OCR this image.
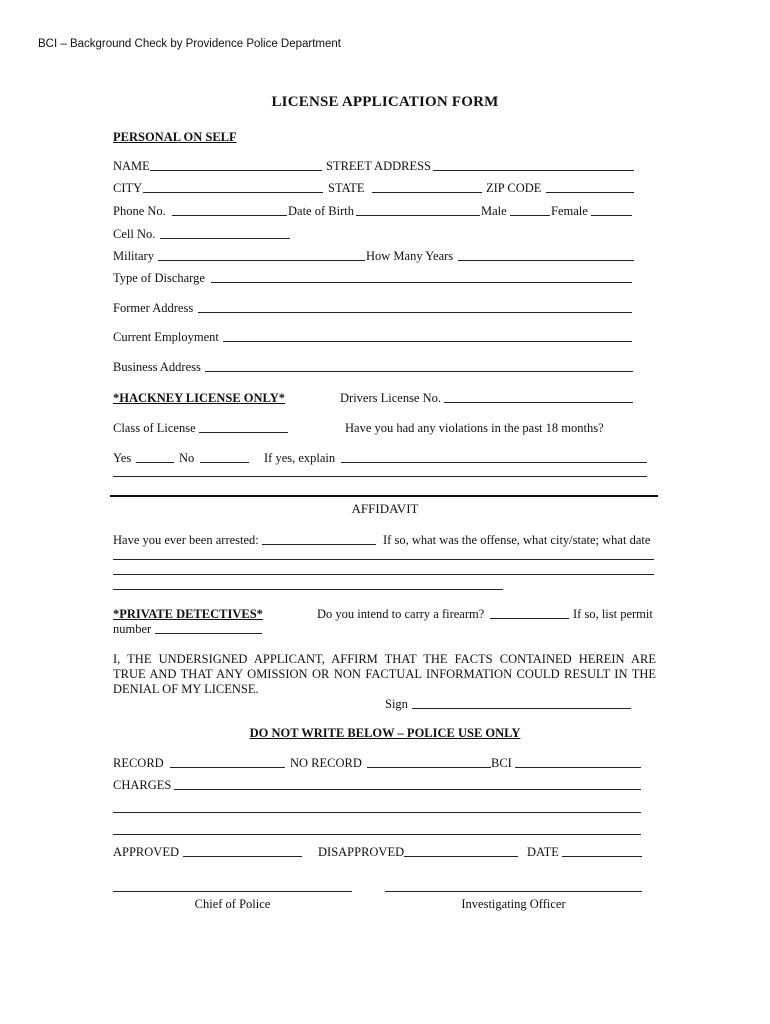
BCI – Background Check by Providence Police Department
LICENSE APPLICATION FORM
PERSONAL ON SELF
NAME	STREET ADDRESS
CITY	STATE	ZIP CODE
Phone No.	Date of Birth	Male	Female
Cell No.
Military	How Many Years
Type of Discharge
Former Address
Current Employment
Business Address
*HACKNEY LICENSE ONLY*	Drivers License No.
Class of License	Have you had any violations in the past 18 months?
Yes	No	If yes, explain
AFFIDAVIT
Have you ever been arrested:	If so, what was the offense, what city/state; what date
*PRIVATE DETECTIVES*	Do you intend to carry a firearm?	If so, list permit
number
I, THE UNDERSIGNED APPLICANT, AFFIRM THAT THE FACTS CONTAINED HEREIN ARE
TRUE AND THAT ANY OMISSION OR NON FACTUAL INFORMATION COULD RESULT IN THE
DENIAL OF MY LICENSE.
Sign
DO NOT WRITE BELOW – POLICE USE ONLY
RECORD	NO RECORD	BCI
CHARGES
APPROVED	DISAPPROVED	DATE
Chief of Police	Investigating Officer
